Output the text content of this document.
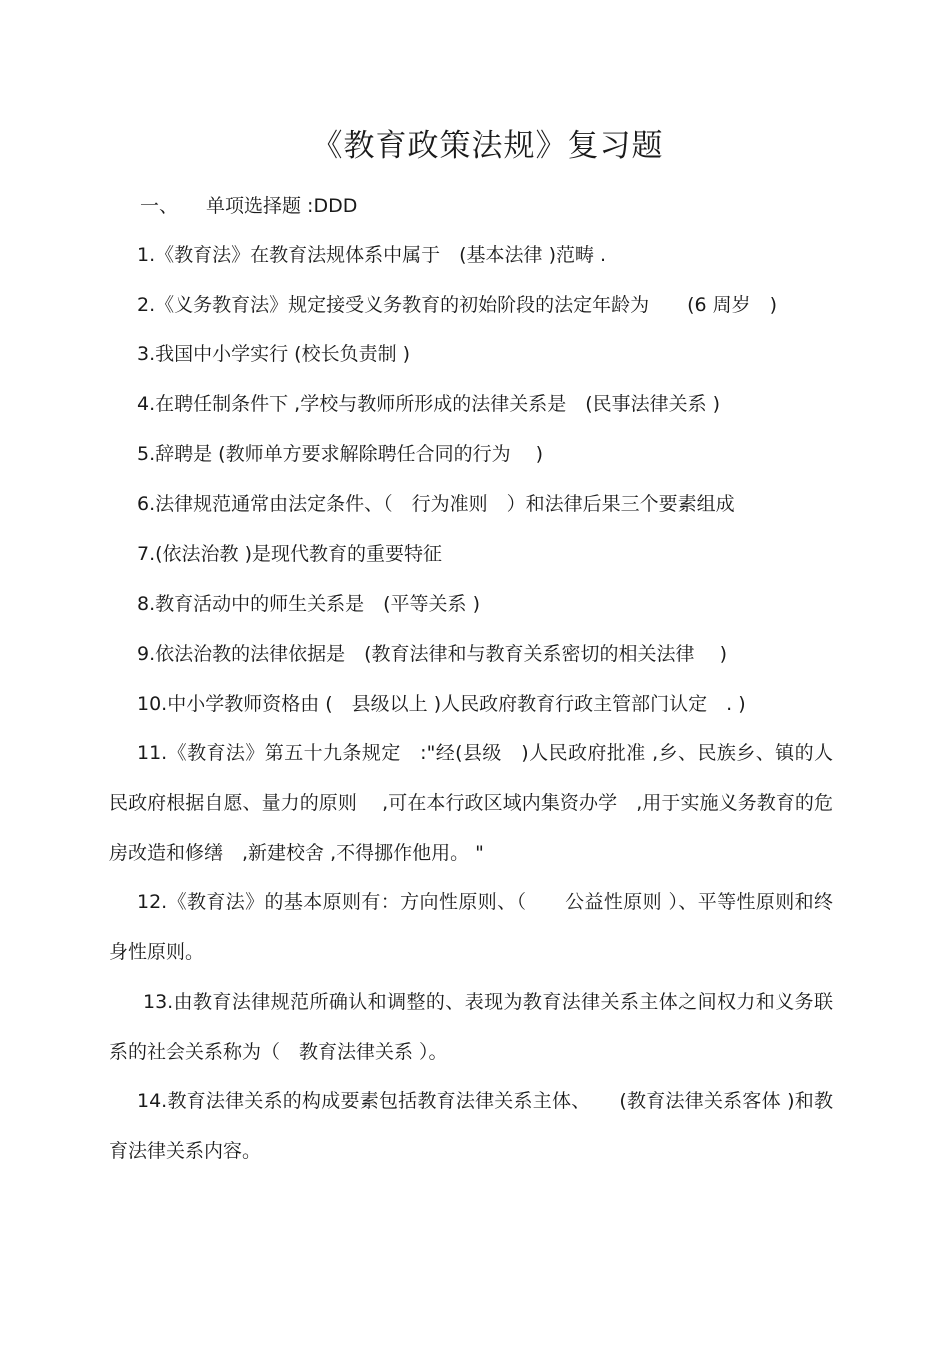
《教育政策法规》复习题
一、 单项选择题 :DDD
1.《教育法》在教育法规体系中属于　(基本法律 )范畴 .
2.《义务教育法》规定接受义务教育的初始阶段的法定年龄为　　(6 周岁　)
3.我国中小学实行 (校长负责制 )
4.在聘任制条件下 ,学校与教师所形成的法律关系是　(民事法律关系 )
5.辞聘是 (教师单方要求解除聘任合同的行为　 )
6.法律规范通常由法定条件、（　行为准则　）和法律后果三个要素组成
7.(依法治教 )是现代教育的重要特征
8.教育活动中的师生关系是　(平等关系 )
9.依法治教的法律依据是　(教育法律和与教育关系密切的相关法律　 )
10.中小学教师资格由 (　县级以上 )人民政府教育行政主管部门认定　. )
11.《教育法》第五十九条规定　:"经(县级　)人民政府批准 ,乡、民族乡、镇的人民政府根据自愿、量力的原则　 ,可在本行政区域内集资办学　,用于实施义务教育的危房改造和修缮　,新建校舍 ,不得挪作他用。 "
12.《教育法》的基本原则有：方向性原则、（　　公益性原则 ）、平等性原则和终身性原则。
13.由教育法律规范所确认和调整的、表现为教育法律关系主体之间权力和义务联系的社会关系称为（　教育法律关系 ）。
14.教育法律关系的构成要素包括教育法律关系主体、　　(教育法律关系客体 )和教育法律关系内容。
